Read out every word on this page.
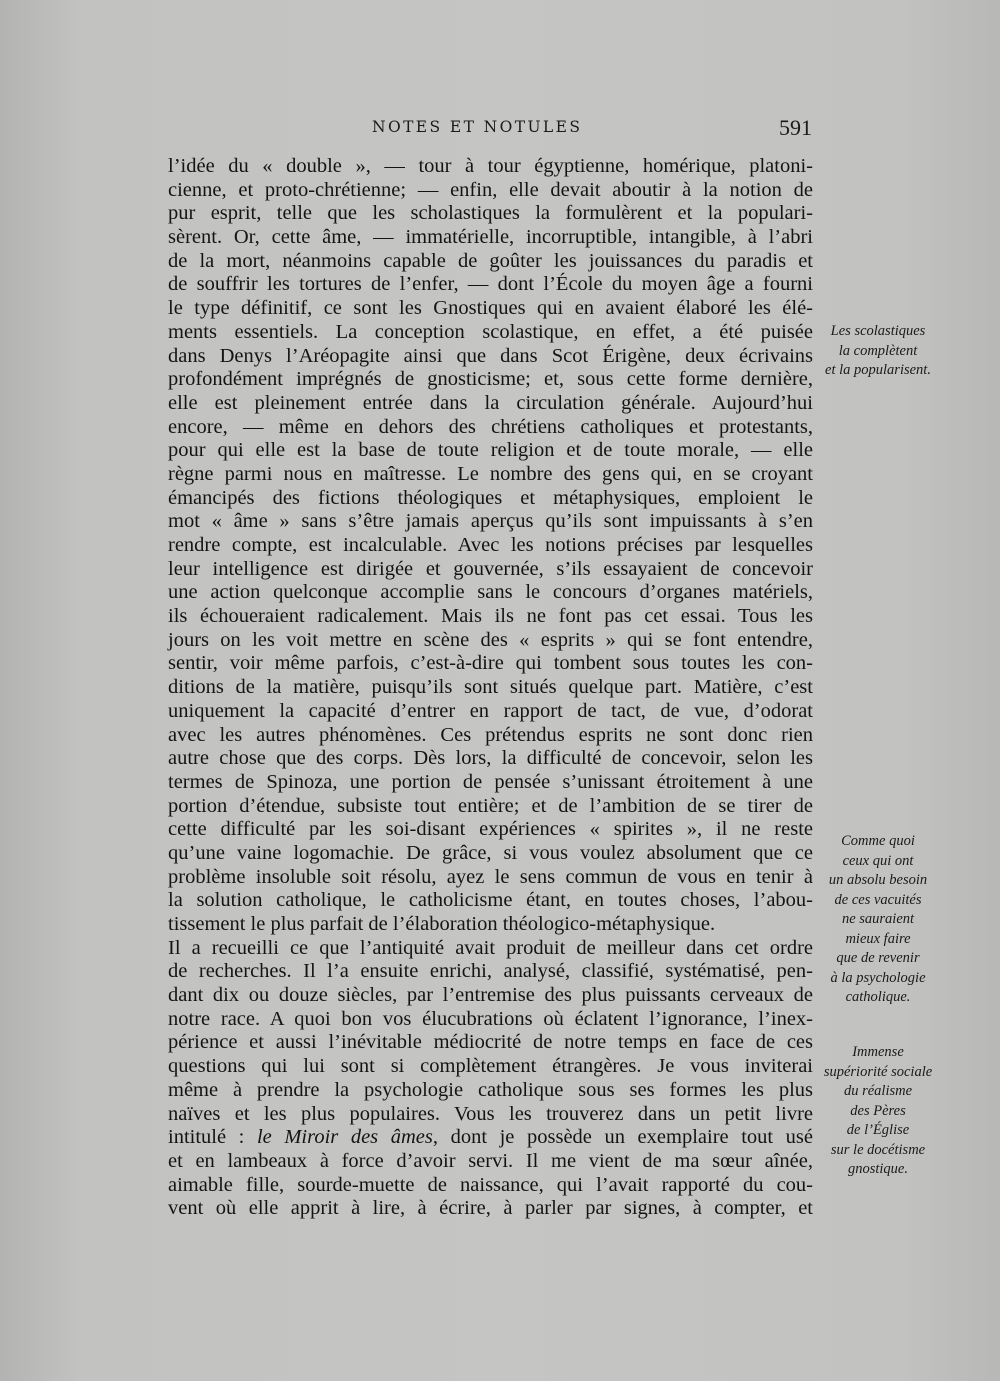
NOTES ET NOTULES	591
l’idée du « double », — tour à tour égyptienne, homérique, platoni-
cienne, et proto-chrétienne; — enfin, elle devait aboutir à la notion de
pur esprit, telle que les scholastiques la formulèrent et la populari-
sèrent. Or, cette âme, — immatérielle, incorruptible, intangible, à l’abri
de la mort, néanmoins capable de goûter les jouissances du paradis et
de souffrir les tortures de l’enfer, — dont l’École du moyen âge a fourni
le type définitif, ce sont les Gnostiques qui en avaient élaboré les élé-
ments essentiels. La conception scolastique, en effet, a été puisée
dans Denys l’Aréopagite ainsi que dans Scot Érigène, deux écrivains
profondément imprégnés de gnosticisme; et, sous cette forme dernière,
elle est pleinement entrée dans la circulation générale. Aujourd’hui
encore, — même en dehors des chrétiens catholiques et protestants,
pour qui elle est la base de toute religion et de toute morale, — elle
règne parmi nous en maîtresse. Le nombre des gens qui, en se croyant
émancipés des fictions théologiques et métaphysiques, emploient le
mot « âme » sans s’être jamais aperçus qu’ils sont impuissants à s’en
rendre compte, est incalculable. Avec les notions précises par lesquelles
leur intelligence est dirigée et gouvernée, s’ils essayaient de concevoir
une action quelconque accomplie sans le concours d’organes matériels,
ils échoueraient radicalement. Mais ils ne font pas cet essai. Tous les
jours on les voit mettre en scène des « esprits » qui se font entendre,
sentir, voir même parfois, c’est-à-dire qui tombent sous toutes les con-
ditions de la matière, puisqu’ils sont situés quelque part. Matière, c’est
uniquement la capacité d’entrer en rapport de tact, de vue, d’odorat
avec les autres phénomènes. Ces prétendus esprits ne sont donc rien
autre chose que des corps. Dès lors, la difficulté de concevoir, selon les
termes de Spinoza, une portion de pensée s’unissant étroitement à une
portion d’étendue, subsiste tout entière; et de l’ambition de se tirer de
cette difficulté par les soi-disant expériences « spirites », il ne reste
qu’une vaine logomachie. De grâce, si vous voulez absolument que ce
problème insoluble soit résolu, ayez le sens commun de vous en tenir à
la solution catholique, le catholicisme étant, en toutes choses, l’abou-
tissement le plus parfait de l’élaboration théologico-métaphysique.
Il a recueilli ce que l’antiquité avait produit de meilleur dans cet ordre
de recherches. Il l’a ensuite enrichi, analysé, classifié, systématisé, pen-
dant dix ou douze siècles, par l’entremise des plus puissants cerveaux de
notre race. A quoi bon vos élucubrations où éclatent l’ignorance, l’inex-
périence et aussi l’inévitable médiocrité de notre temps en face de ces
questions qui lui sont si complètement étrangères. Je vous inviterai
même à prendre la psychologie catholique sous ses formes les plus
naïves et les plus populaires. Vous les trouverez dans un petit livre
intitulé : le Miroir des âmes, dont je possède un exemplaire tout usé
et en lambeaux à force d’avoir servi. Il me vient de ma sœur aînée,
aimable fille, sourde-muette de naissance, qui l’avait rapporté du cou-
vent où elle apprit à lire, à écrire, à parler par signes, à compter, et
Les scolastiques
la complètent
et la popularisent.
Comme quoi
ceux qui ont
un absolu besoin
de ces vacuités
ne sauraient
mieux faire
que de revenir
à la psychologie
catholique.
Immense
supériorité sociale
du réalisme
des Pères
de l’Église
sur le docétisme
gnostique.
